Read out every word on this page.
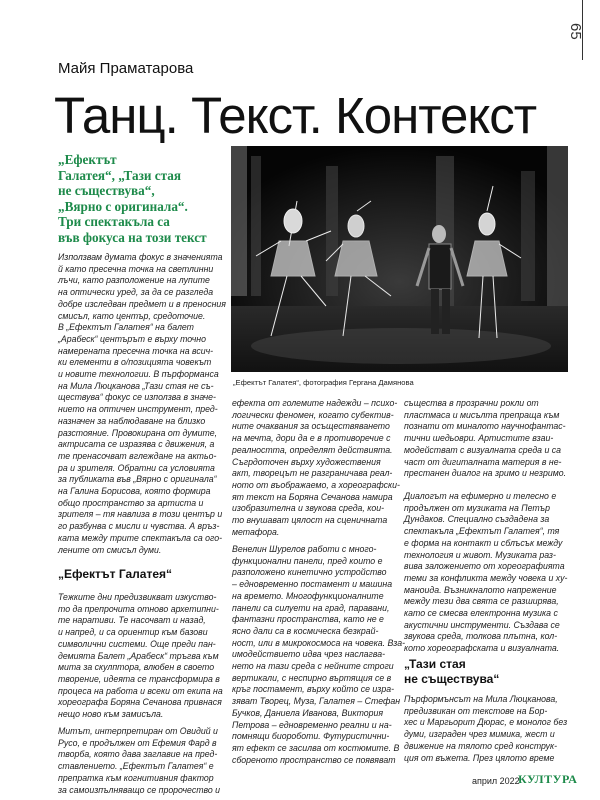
65
Майя Праматарова
Танц. Текст. Контекст
„Ефектът
Галатея“, „Тази стая
не съществува“,
„Вярно с оригинала“.
Три спектакъла са
във фокуса на този текст
„Ефектът Галатея“, фотография Гергана Дамянова
Използвам думата фокус в значенията
й като пресечна точка на светлинни
лъчи, като разположение на лупите
на оптически уред, за да се разгледа
добре изследван предмет и в преносния
смисъл, като център, средоточие.
В „Ефектът Галатея“ на балет
„Арабеск“ центърът е върху точно
намерената пресечна точка на всич-
ки елементи в о/позицията човекът
и новите технологии. В пърформанса
на Мила Люцканова „Тази стая не съ-
ществува“ фокус се използва в значе-
нието на оптичен инструмент, пред-
назначен за наблюдаване на близко
разстояние. Провокирана от думите,
актрисата се изразява с движения, а
те пренасочват вглеждане на актьо-
ра и зрителя. Обратни са условията
за публиката във „Вярно с оригинала“
на Галина Борисова, която формира
общо пространство за артиста и
зрителя – тя навлиза в този център и
го разбунва с мисли и чувства. А връз-
ката между трите спектакъла са ого-
лените от смисъл думи.
„Ефектът Галатея“
Тежките дни предизвикват изкуство-
то да препрочита отново архетипни-
те наративи. Те насочват и назад,
и напред, и са ориентир към базови
символични системи. Още преди пан-
демията Балет „Арабеск“ тръгва към
мита за скулптора, влюбен в своето
творение, идеята се трансформира в
процеса на работа и всеки от екипа на
хореографа Боряна Сечанова привнася
нещо ново към замисъла.
Митът, интерпретиран от Овидий и
Русо, е продължен от Ефемия Фард в
творба, която дава заглавие на пред-
ставлението. „Ефектът Галатея“ е
препратка към когнитивния фактор
за самоизпълняващо се пророчество и
ефекта от големите надежди – психо-
логически феномен, когато субектив-
ните очаквания за осъществяването
на мечта, дори да е в противоречие с
реалността, определят действията.
Съгрдоточен върху художествения
акт, творецът не разграничава реал-
ното от въображаемо, а хореографски-
ят текст на Боряна Сечанова намира
изобразителна и звукова среда, кои-
то внушават цялост на сценичната
метафора.
Венелин Шурелов работи с много-
функционални панели, пред които е
разположено кинетично устройство
– едновременно постамент и машина
на времето. Многофункционалните
панели са силуети на град, паравани,
фантазни пространства, като не е
ясно дали са в космическа безкрай-
ност, или в микрокосмоса на човека. Вза-
имодействието идва чрез наслагва-
нето на тази среда с нейните строги
вертикали, с неспирно въртящия се в
кръг постамент, върху който се изра-
зяват Творец, Муза, Галатея – Стефан
Бучков, Даниела Иванова, Виктория
Петрова – едновременно реални и на-
помнящи биороботи. Футуристични-
ят ефект се засилва от костюмите. В
сбореното пространство се появяват
същества в прозрачни рокли от
пластмаса и мисълта препраща към
познати от миналото научнофантас-
тични шедьоври. Артистите взаи-
модействат с визуалната среда и са
част от дигиталната материя в не-
престанен диалог на зримо и незримо.
Диалогът на ефимерно и телесно е
продължен от музиката на Петър
Дундаков. Специално създадена за
спектакъла „Ефектът Галатея“, тя
е форма на контакт и сблъсък между
технология и живот. Музиката раз-
вива заложението от хореографията
теми за конфликта между човека и ху-
маноида. Възникналото напрежение
между тези два свята се разширява,
като се смесва електронна музика с
акустични инструменти. Създава се
звукова среда, толкова плътна, кол-
кото хореографската и визуалната.
„Тази стая
не съществува“
Пърформънсът на Мила Люцканова,
предизвикан от текстове на Бор-
хес и Маргьорит Дюрас, е монолог без
думи, изграден чрез мимика, жест и
движение на тялото сред конструк-
ция от въжета. През цялото време
април 2022
КУЛТУРА
